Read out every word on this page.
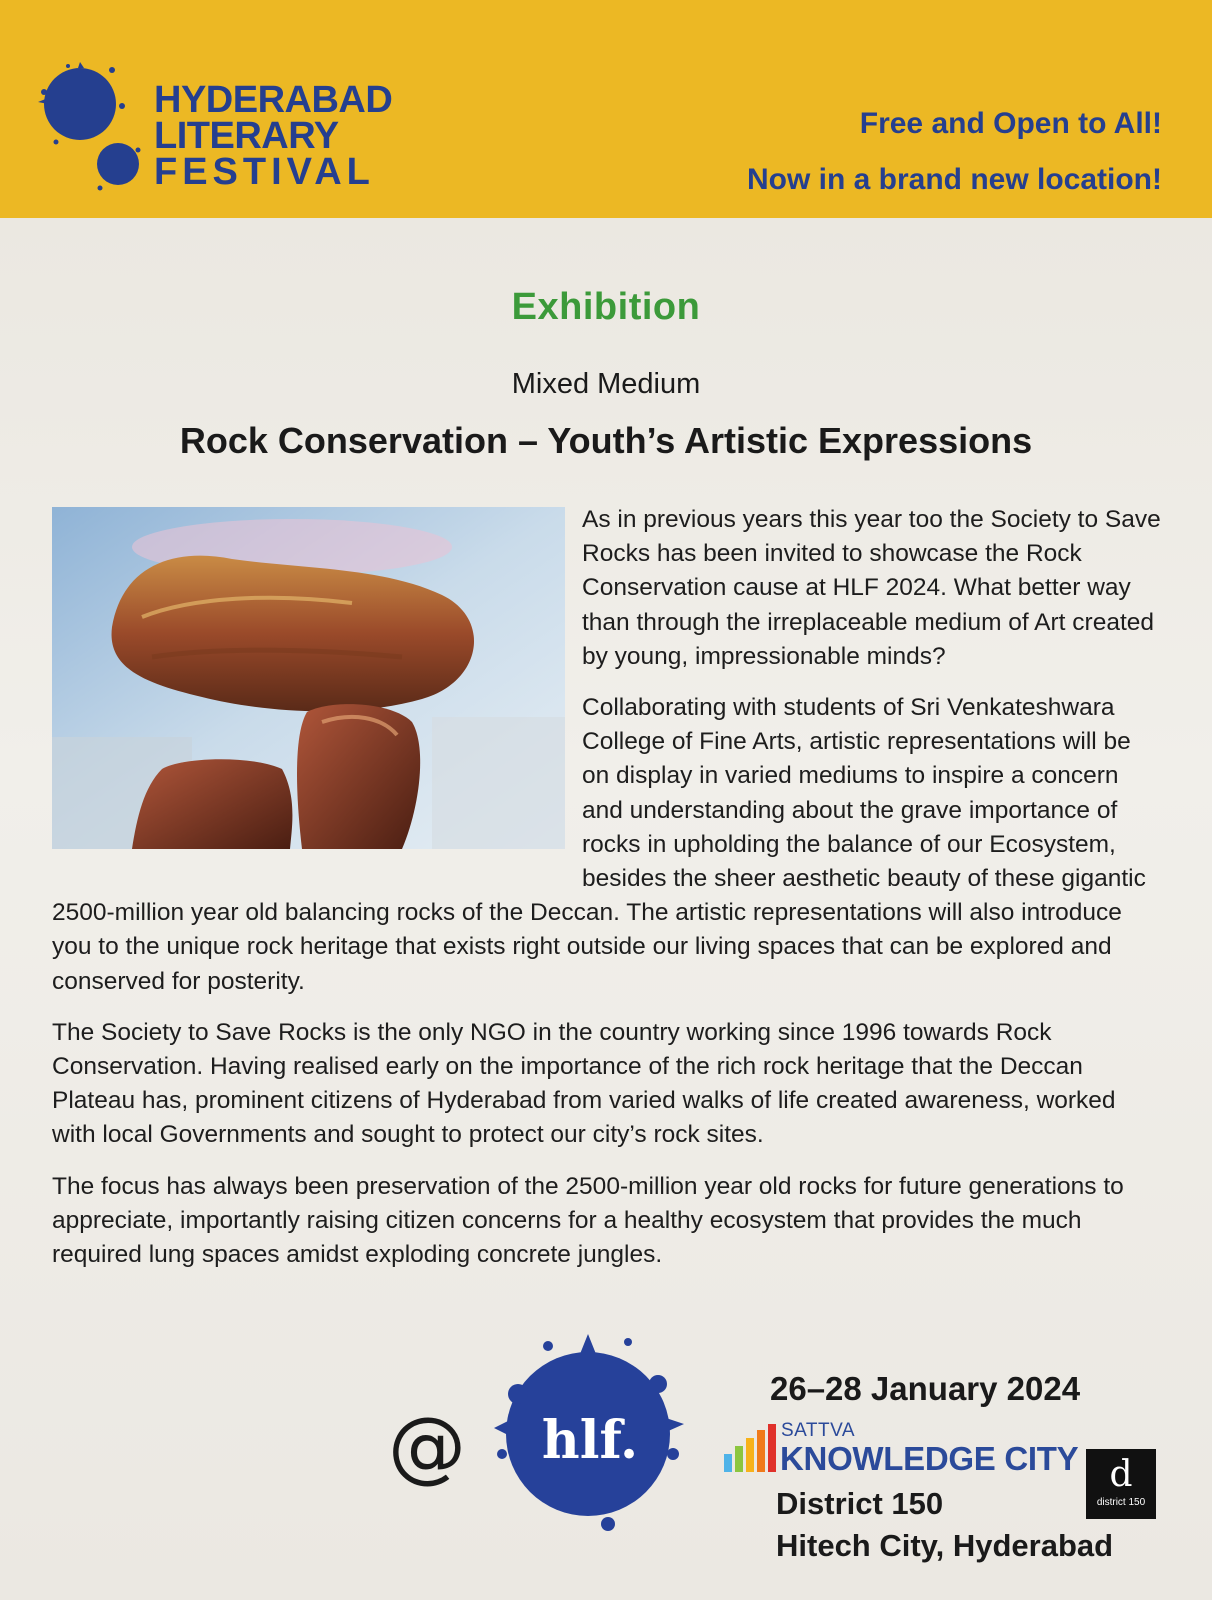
HYDERABAD
LITERARY
FESTIVAL
Free and Open to All!
Now in a brand new location!
Exhibition
Mixed Medium
Rock Conservation – Youth’s Artistic Expressions

As in previous years this year too the Society to Save Rocks has been invited to showcase the Rock Conservation cause at HLF 2024. What better way than through the irreplaceable medium of Art created by young, impressionable minds?

Collaborating with students of Sri Venkateshwara College of Fine Arts, artistic representations will be on display in varied mediums to inspire a concern and understanding about the grave importance of rocks in upholding the balance of our Ecosystem, besides the sheer aesthetic beauty of these gigantic 2500-million year old balancing rocks of the Deccan. The artistic representations will also introduce you to the unique rock heritage that exists right outside our living spaces that can be explored and conserved for posterity.

The Society to Save Rocks is the only NGO in the country working since 1996 towards Rock Conservation. Having realised early on the importance of the rich rock heritage that the Deccan Plateau has, prominent citizens of Hyderabad from varied walks of life created awareness, worked with local Governments and sought to protect our city’s rock sites.

The focus has always been preservation of the 2500-million year old rocks for future generations to appreciate, importantly raising citizen concerns for a healthy ecosystem that provides the much required lung spaces amidst exploding concrete jungles.

@	hlf.
26–28 January 2024
SATTVA
KNOWLEDGE CITY d
district 150
District 150
Hitech City, Hyderabad
